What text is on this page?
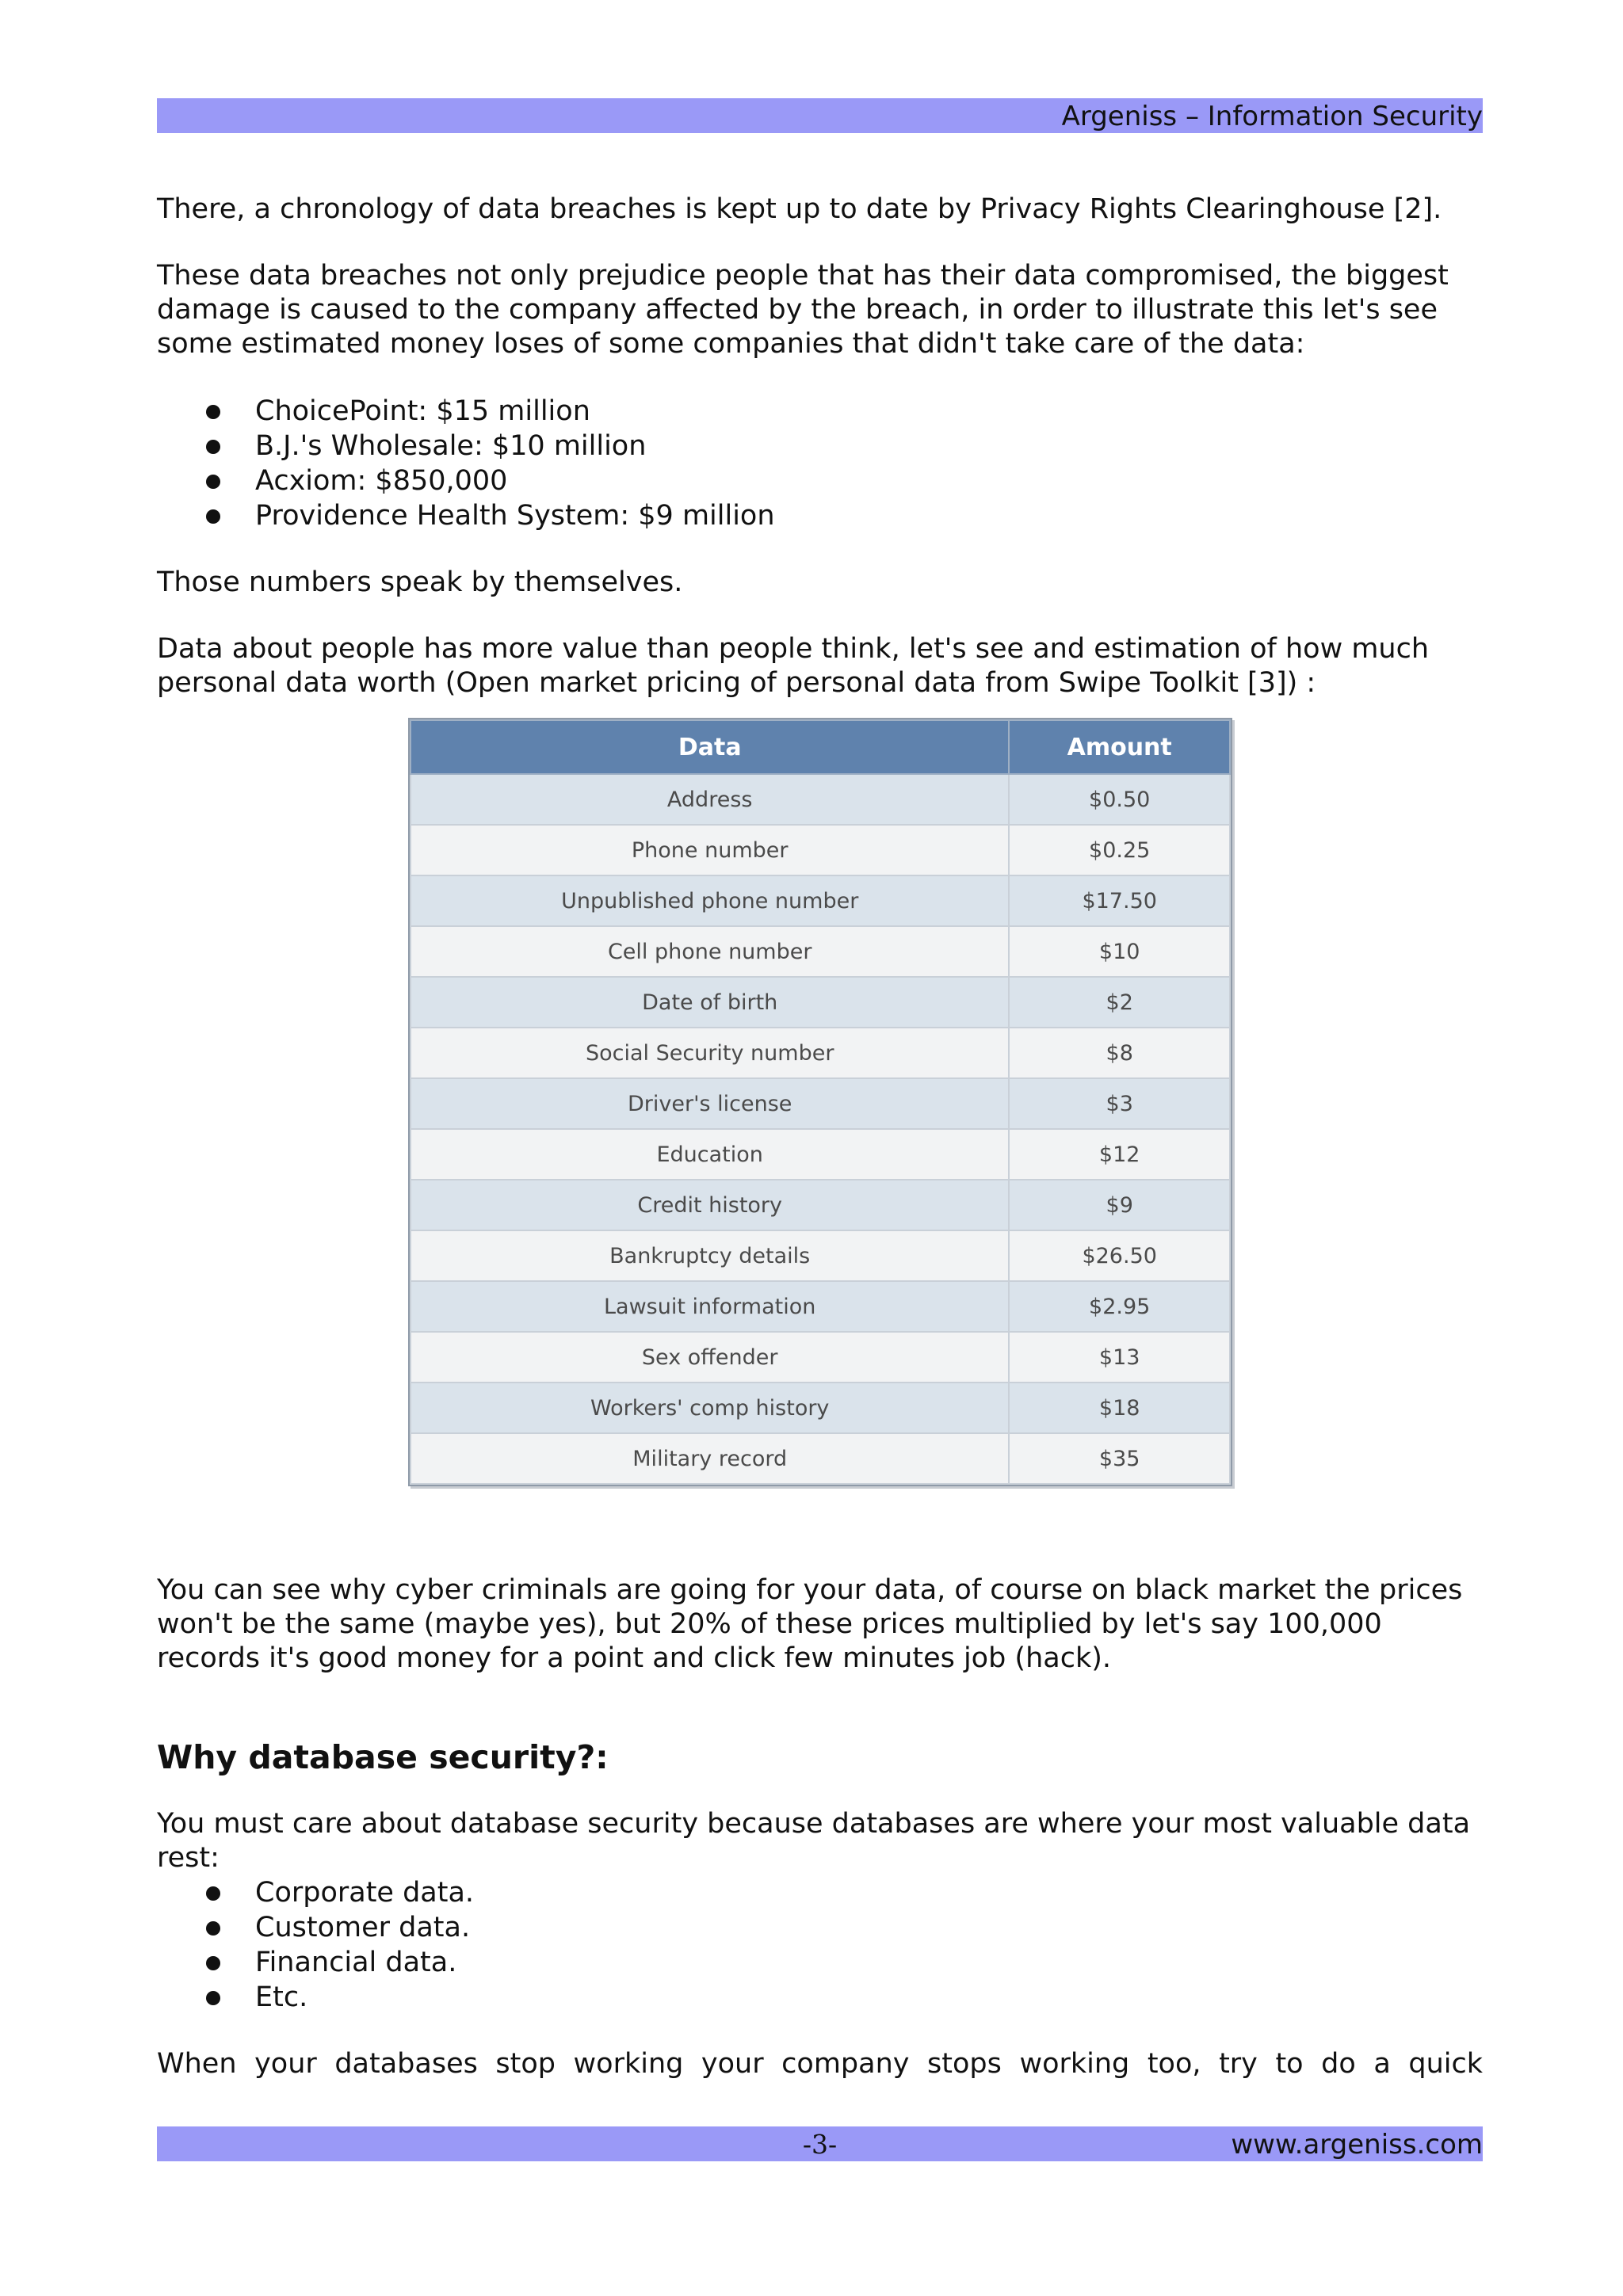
Argeniss – Information Security

There, a chronology of data breaches is kept up to date by Privacy Rights Clearinghouse [2].

These data breaches not only prejudice people that has their data compromised, the biggest damage is caused to the company affected by the breach, in order to illustrate this let's see some estimated money loses of some companies that didn't take care of the data:

ChoicePoint: $15 million
B.J.'s Wholesale: $10 million
Acxiom: $850,000
Providence Health System: $9 million

Those numbers speak by themselves.

Data about people has more value than people think, let's see and estimation of how much personal data worth (Open market pricing of personal data from Swipe Toolkit [3]) :

Data	Amount
Address	$0.50
Phone number	$0.25
Unpublished phone number	$17.50
Cell phone number	$10
Date of birth	$2
Social Security number	$8
Driver's license	$3
Education	$12
Credit history	$9
Bankruptcy details	$26.50
Lawsuit information	$2.95
Sex offender	$13
Workers' comp history	$18
Military record	$35

You can see why cyber criminals are going for your data, of course on black market the prices won't be the same (maybe yes), but 20% of these prices multiplied by let's say 100,000 records it's good money for a point and click few minutes job (hack).

Why database security?:

You must care about database security because databases are where your most valuable data rest:

Corporate data.
Customer data.
Financial data.
Etc.

When your databases stop working your company stops working too, try to do a quick

-3-	www.argeniss.com
